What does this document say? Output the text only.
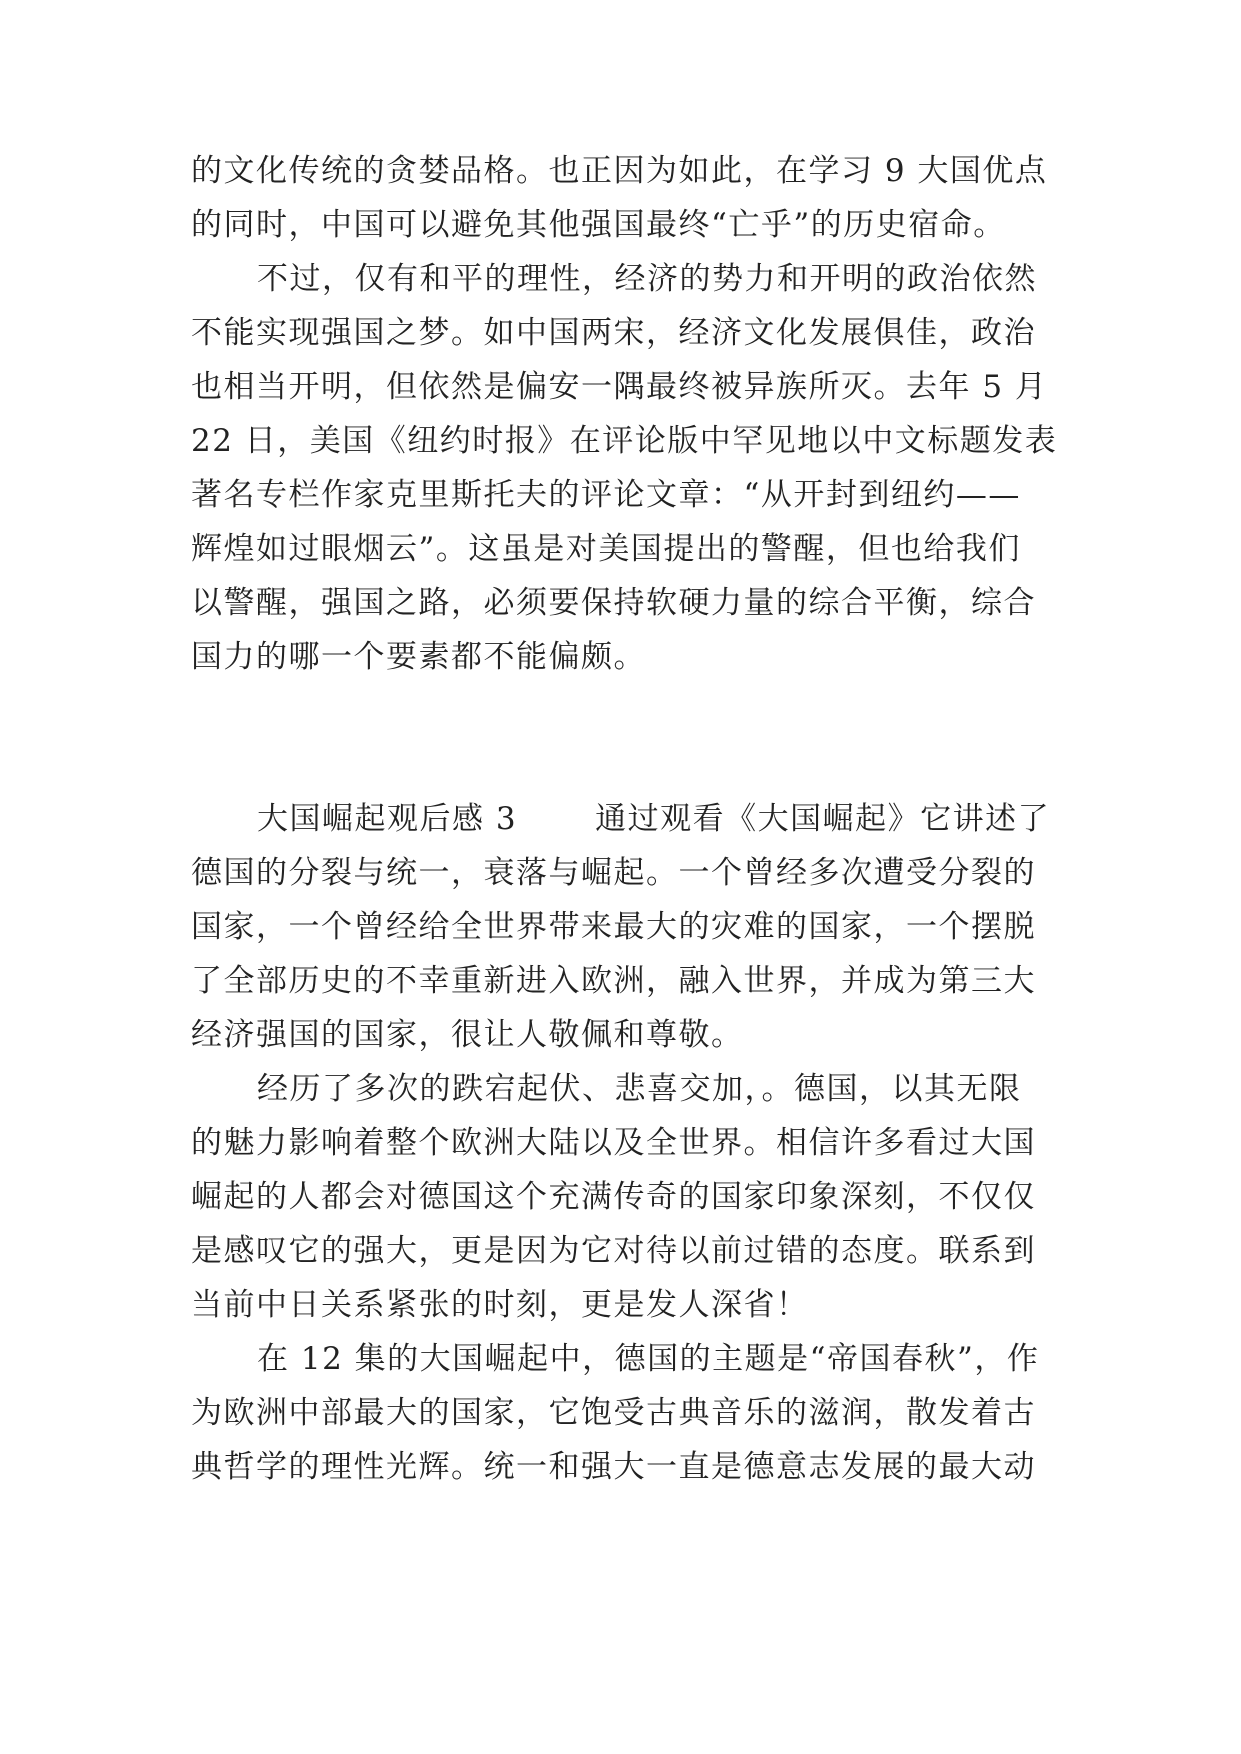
的文化传统的贪婪品格。也正因为如此，在学习 9 大国优点
的同时，中国可以避免其他强国最终“亡乎”的历史宿命。
不过，仅有和平的理性，经济的势力和开明的政治依然
不能实现强国之梦。如中国两宋，经济文化发展俱佳，政治
也相当开明，但依然是偏安一隅最终被异族所灭。去年 5 月
22 日，美国《纽约时报》在评论版中罕见地以中文标题发表
著名专栏作家克里斯托夫的评论文章：“从开封到纽约——
辉煌如过眼烟云”。这虽是对美国提出的警醒，但也给我们
以警醒，强国之路，必须要保持软硬力量的综合平衡，综合
国力的哪一个要素都不能偏颇。
大国崛起观后感 3	通过观看《大国崛起》它讲述了
德国的分裂与统一，衰落与崛起。一个曾经多次遭受分裂的
国家，一个曾经给全世界带来最大的灾难的国家，一个摆脱
了全部历史的不幸重新进入欧洲，融入世界，并成为第三大
经济强国的国家，很让人敬佩和尊敬。
经历了多次的跌宕起伏、悲喜交加，。德国，以其无限
的魅力影响着整个欧洲大陆以及全世界。相信许多看过大国
崛起的人都会对德国这个充满传奇的国家印象深刻，不仅仅
是感叹它的强大，更是因为它对待以前过错的态度。联系到
当前中日关系紧张的时刻，更是发人深省！
在 12 集的大国崛起中，德国的主题是“帝国春秋”，作
为欧洲中部最大的国家，它饱受古典音乐的滋润，散发着古
典哲学的理性光辉。统一和强大一直是德意志发展的最大动
